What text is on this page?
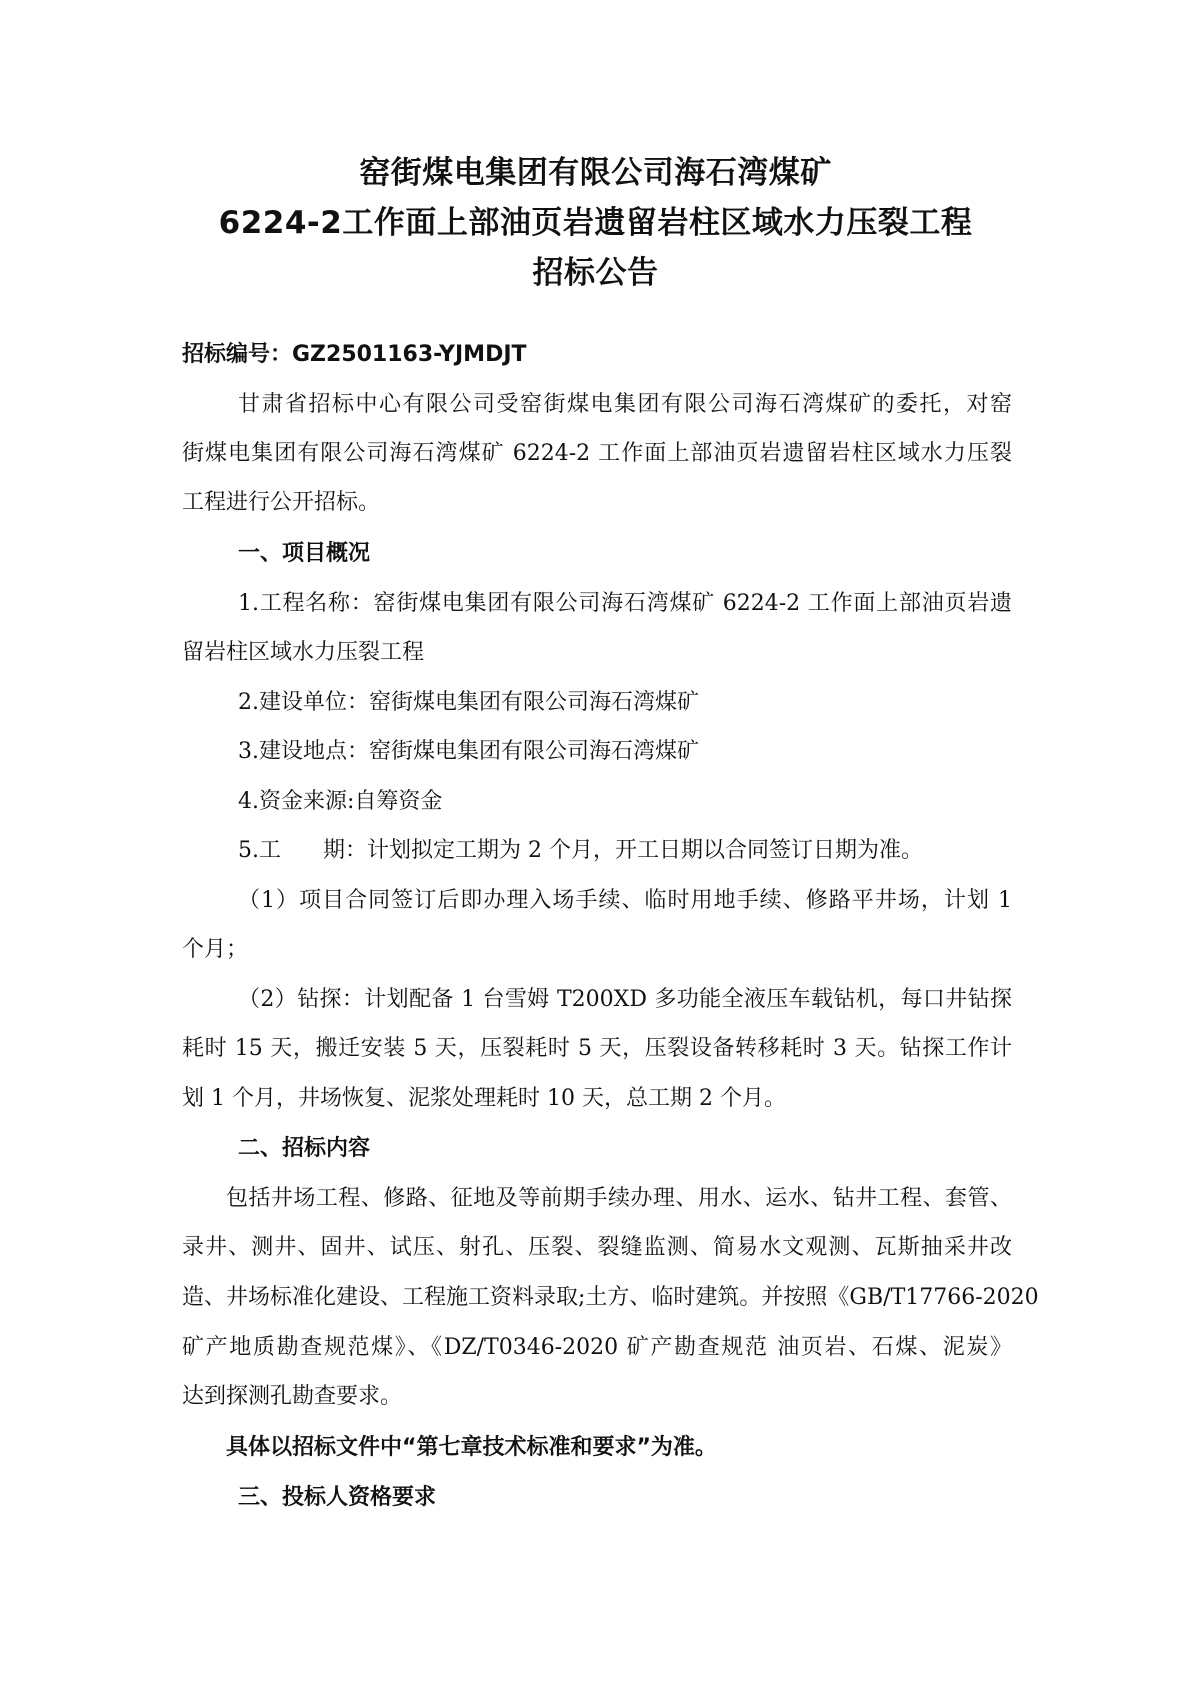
窑街煤电集团有限公司海石湾煤矿
6224-2工作面上部油页岩遗留岩柱区域水力压裂工程
招标公告
招标编号：GZ2501163-YJMDJT
甘肃省招标中心有限公司受窑街煤电集团有限公司海石湾煤矿的委托，对窑
街煤电集团有限公司海石湾煤矿 6224-2 工作面上部油页岩遗留岩柱区域水力压裂
工程进行公开招标。
一、项目概况
1.工程名称：窑街煤电集团有限公司海石湾煤矿 6224-2 工作面上部油页岩遗
留岩柱区域水力压裂工程
2.建设单位：窑街煤电集团有限公司海石湾煤矿
3.建设地点：窑街煤电集团有限公司海石湾煤矿
4.资金来源:自筹资金
5.工 期：计划拟定工期为 2 个月，开工日期以合同签订日期为准。
（1）项目合同签订后即办理入场手续、临时用地手续、修路平井场，计划 1
个月；
（2）钻探：计划配备 1 台雪姆 T200XD 多功能全液压车载钻机，每口井钻探
耗时 15 天，搬迁安装 5 天，压裂耗时 5 天，压裂设备转移耗时 3 天。钻探工作计
划 1 个月，井场恢复、泥浆处理耗时 10 天，总工期 2 个月。
二、招标内容
包括井场工程、修路、征地及等前期手续办理、用水、运水、钻井工程、套管、
录井、测井、固井、试压、射孔、压裂、裂缝监测、简易水文观测、瓦斯抽采井改
造、井场标准化建设、工程施工资料录取;土方、临时建筑。并按照《GB/T17766-2020
矿产地质勘查规范煤》、《DZ/T0346-2020 矿产勘查规范 油页岩、石煤、泥炭》
达到探测孔勘查要求。
具体以招标文件中“第七章技术标准和要求”为准。
三、投标人资格要求
